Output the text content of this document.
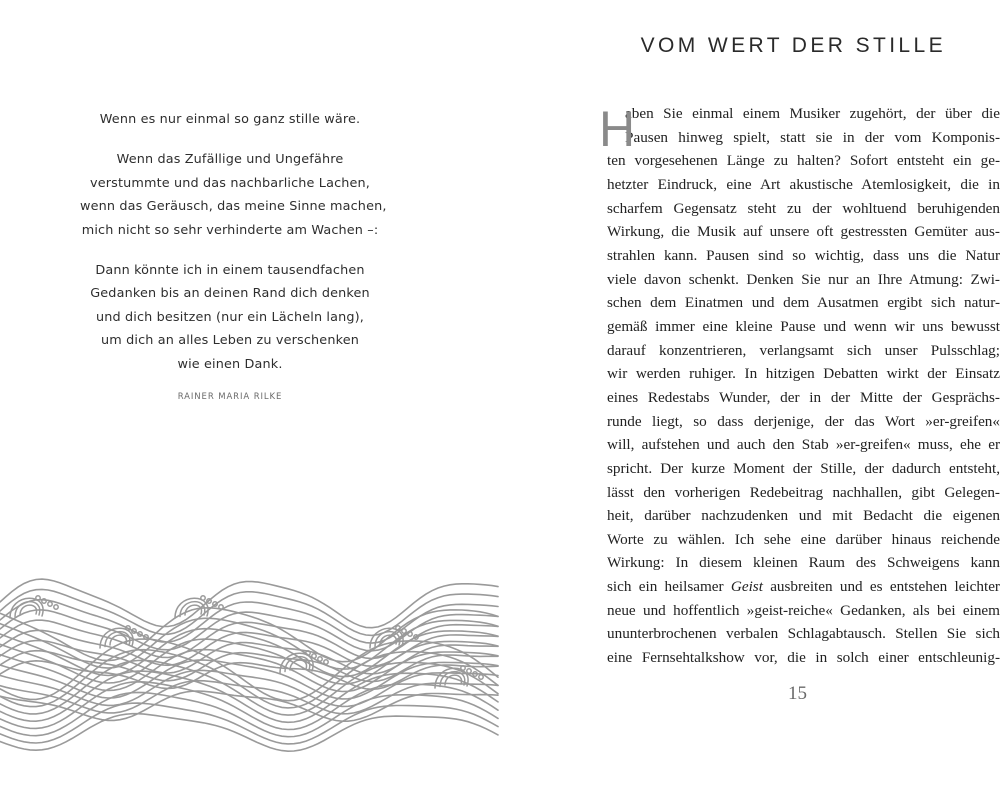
Wenn es nur einmal so ganz stille wäre.
Wenn das Zufällige und Ungefähre
verstummte und das nachbarliche Lachen,
wenn das Geräusch, das meine Sinne machen,
mich nicht so sehr verhinderte am Wachen –:
Dann könnte ich in einem tausendfachen
Gedanken bis an deinen Rand dich denken
und dich besitzen (nur ein Lächeln lang),
um dich an alles Leben zu verschenken
wie einen Dank.
RAINER MARIA RILKE
VOM WERT DER STILLE
H
aben Sie einmal einem Musiker zugehört, der über die
Pausen hinweg spielt, statt sie in der vom Komponis-
ten vorgesehenen Länge zu halten? Sofort entsteht ein ge-
hetzter Eindruck, eine Art akustische Atemlosigkeit, die in
scharfem Gegensatz steht zu der wohltuend beruhigenden
Wirkung, die Musik auf unsere oft gestressten Gemüter aus-
strahlen kann. Pausen sind so wichtig, dass uns die Natur
viele davon schenkt. Denken Sie nur an Ihre Atmung: Zwi-
schen dem Einatmen und dem Ausatmen ergibt sich natur-
gemäß immer eine kleine Pause und wenn wir uns bewusst
darauf konzentrieren, verlangsamt sich unser Pulsschlag;
wir werden ruhiger. In hitzigen Debatten wirkt der Einsatz
eines Redestabs Wunder, der in der Mitte der Gesprächs-
runde liegt, so dass derjenige, der das Wort »er-greifen«
will, aufstehen und auch den Stab »er-greifen« muss, ehe er
spricht. Der kurze Moment der Stille, der dadurch entsteht,
lässt den vorherigen Redebeitrag nachhallen, gibt Gelegen-
heit, darüber nachzudenken und mit Bedacht die eigenen
Worte zu wählen. Ich sehe eine darüber hinaus reichende
Wirkung: In diesem kleinen Raum des Schweigens kann
sich ein heilsamer Geist ausbreiten und es entstehen leichter
neue und hoffentlich »geist-reiche« Gedanken, als bei einem
ununterbrochenen verbalen Schlagabtausch. Stellen Sie sich
eine Fernsehtalkshow vor, die in solch einer entschleunig-
15
